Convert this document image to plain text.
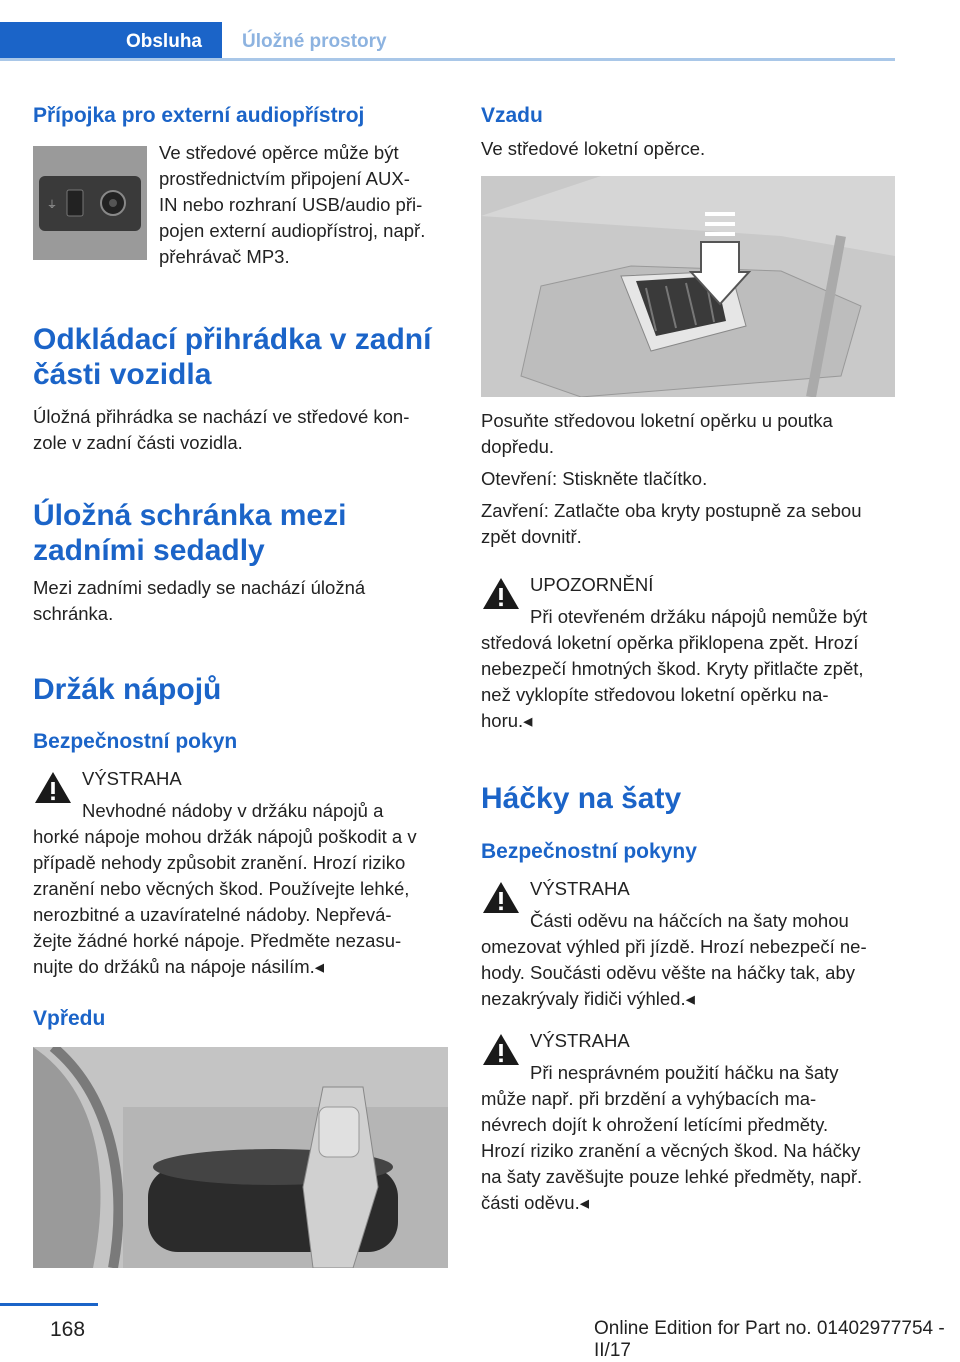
Obsluha Úložné prostory
Přípojka pro externí audiopřístroj
⏚
Ve středové opěrce může být
prostřednictvím připojení AUX-
IN nebo rozhraní USB/audio při-
pojen externí audiopřístroj, např.
přehrávač MP3.
Odkládací přihrádka v zadní
části vozidla
Úložná přihrádka se nachází ve středové kon-
zole v zadní části vozidla.
Úložná schránka mezi
zadními sedadly
Mezi zadními sedadly se nachází úložná
schránka.
Držák nápojů
Bezpečnostní pokyn
VÝSTRAHA
Nevhodné nádoby v držáku nápojů a
horké nápoje mohou držák nápojů poškodit a v
případě nehody způsobit zranění. Hrozí riziko
zranění nebo věcných škod. Používejte lehké,
nerozbitné a uzavíratelné nádoby. Nepřevá-
žejte žádné horké nápoje. Předměte nezasu-
nujte do držáků na nápoje násilím.◂
Vpředu
Vzadu
Ve středové loketní opěrce.
Posuňte středovou loketní opěrku u poutka
dopředu.
Otevření: Stiskněte tlačítko.
Zavření: Zatlačte oba kryty postupně za sebou
zpět dovnitř.
UPOZORNĚNÍ
Při otevřeném držáku nápojů nemůže být
středová loketní opěrka přiklopena zpět. Hrozí
nebezpečí hmotných škod. Kryty přitlačte zpět,
než vyklopíte středovou loketní opěrku na-
horu.◂
Háčky na šaty
Bezpečnostní pokyny
VÝSTRAHA
Části oděvu na háčcích na šaty mohou
omezovat výhled při jízdě. Hrozí nebezpečí ne-
hody. Součásti oděvu věšte na háčky tak, aby
nezakrývaly řidiči výhled.◂
VÝSTRAHA
Při nesprávném použití háčku na šaty
může např. při brzdění a vyhýbacích ma-
névrech dojít k ohrožení letícími předměty.
Hrozí riziko zranění a věcných škod. Na háčky
na šaty zavěšujte pouze lehké předměty, např.
části oděvu.◂
168	Online Edition for Part no. 01402977754 - II/17
